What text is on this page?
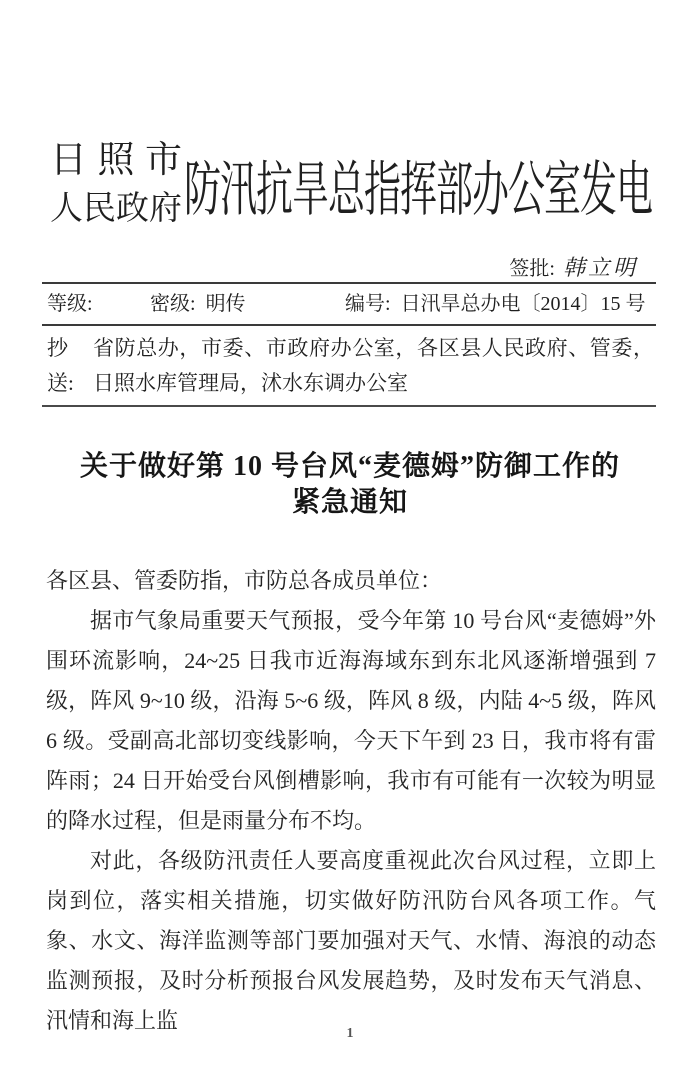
日照市
人民政府 防汛抗旱总指挥部办公室发电
签批: 韩立明
等级:	密级: 明传	编号: 日汛旱总办电〔2014〕15 号
抄送:
省防总办，市委、市政府办公室，各区县人民政府、管委，日照水库管理局，沭水东调办公室
关于做好第 10 号台风“麦德姆”防御工作的
紧急通知
各区县、管委防指，市防总各成员单位：
据市气象局重要天气预报，受今年第 10 号台风“麦德姆”外围环流影响，24~25 日我市近海海域东到东北风逐渐增强到 7 级，阵风 9~10 级，沿海 5~6 级，阵风 8 级，内陆 4~5 级，阵风 6 级。受副高北部切变线影响，今天下午到 23 日，我市将有雷阵雨；24 日开始受台风倒槽影响，我市有可能有一次较为明显的降水过程，但是雨量分布不均。
对此，各级防汛责任人要高度重视此次台风过程，立即上岗到位，落实相关措施，切实做好防汛防台风各项工作。气象、水文、海洋监测等部门要加强对天气、水情、海浪的动态监测预报，及时分析预报台风发展趋势，及时发布天气消息、汛情和海上监
1
